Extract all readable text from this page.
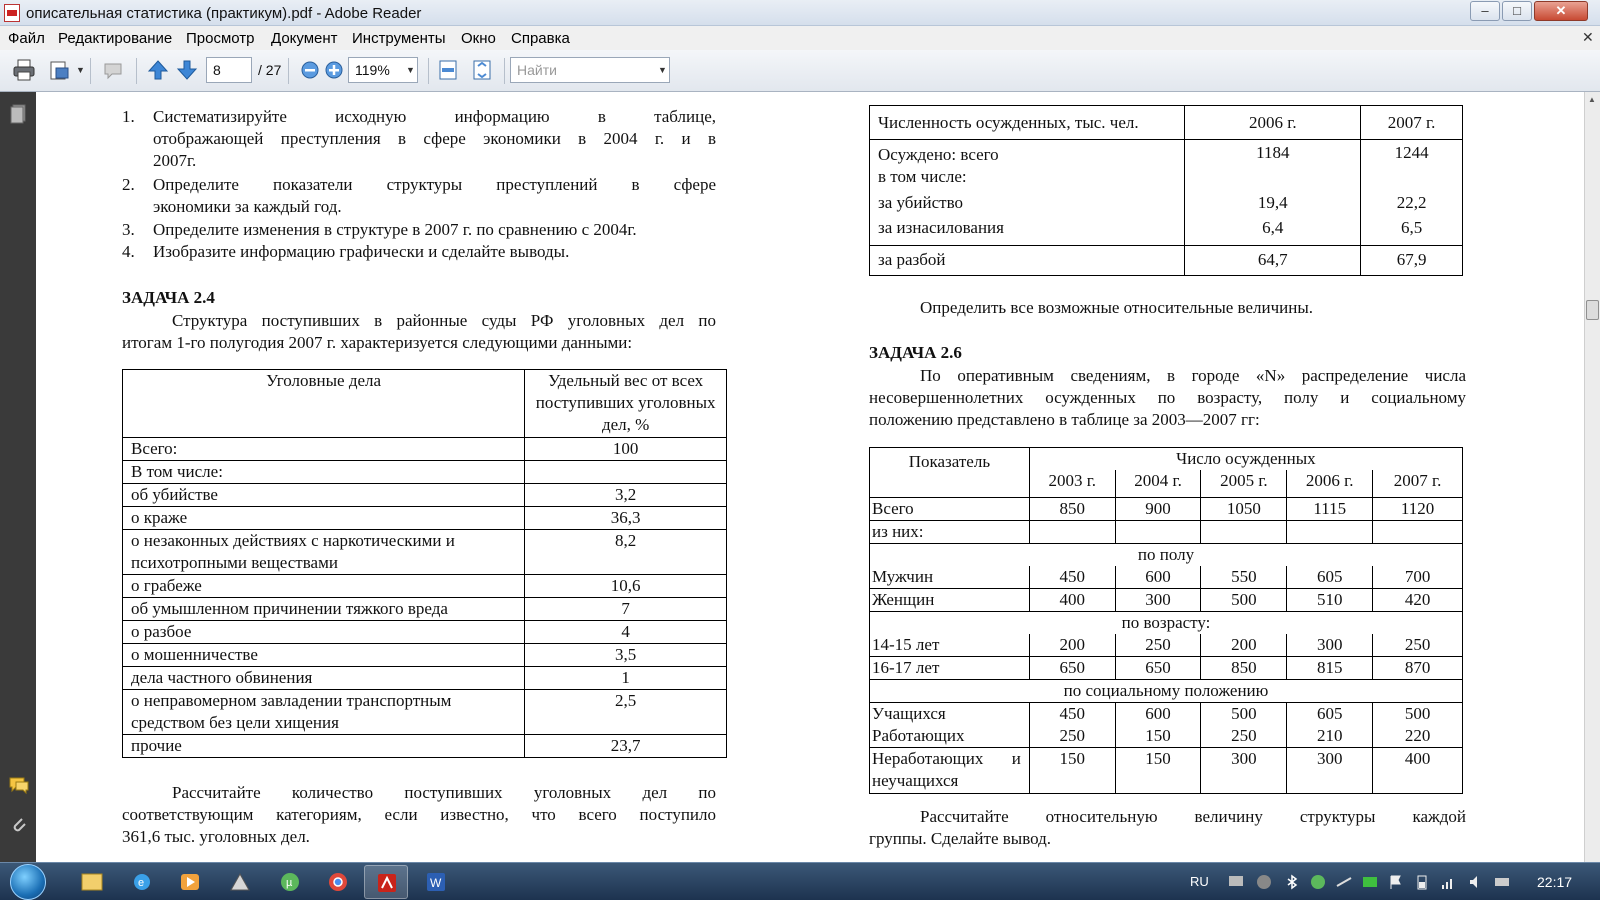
описательная статистика (практикум).pdf - Adobe Reader	–	□	✕
Файл Редактирование Просмотр Документ Инструменты Окно Справка	✕
▼	8	/ 27	119%	▼	Найти	▼
1. Систематизируйте исходную информацию в таблице,
отображающей преступления в сфере экономики в 2004 г. и в
2007г.
2. Определите показатели структуры преступлений в сфере
экономики за каждый год.
3. Определите изменения в структуре в 2007 г. по сравнению с 2004г.
4. Изобразите информацию графически и сделайте выводы.
ЗАДАЧА 2.4
Структура поступивших в районные суды РФ уголовных дел по
итогам 1-го полугодия 2007 г. характеризуется следующими данными:
Уголовные дела	Удельный вес от всех поступивших уголовных дел, %
Всего:	100
В том числе:	
об убийстве	3,2
о краже	36,3
о незаконных действиях с наркотическими и психотропными веществами	8,2
о грабеже	10,6
об умышленном причинении тяжкого вреда	7
о разбое	4
о мошенничестве	3,5
дела частного обвинения	1
о неправомерном завладении транспортным средством без цели хищения	2,5
прочие	23,7
Рассчитайте количество поступивших уголовных дел по
соответствующим категориям, если известно, что всего поступило
361,6 тыс. уголовных дел.
Численность осужденных, тыс. чел.	2006 г.	2007 г.
Осуждено: всего	1184	1244
в том числе:		
за убийство	19,4	22,2
за изнасилования	6,4	6,5
за разбой	64,7	67,9
Определить все возможные относительные величины.
ЗАДАЧА 2.6
По оперативным сведениям, в городе «N» распределение числа
несовершеннолетних осужденных по возрасту, полу и социальному
положению представлено в таблице за 2003—2007 гг:
Показатель	Число осужденных				
	2003 г.	2004 г.	2005 г.	2006 г.	2007 г.
Всего	850	900	1050	1115	1120
из них:					
по полу					
Мужчин	450	600	550	605	700
Женщин	400	300	500	510	420
по возрасту:					
14-15 лет	200	250	200	300	250
16-17 лет	650	650	850	815	870
по социальному положению					
Учащихся	450	600	500	605	500
Работающих	250	150	250	210	220
Неработающих и неучащихся	150	150	300	300	400
Рассчитайте относительную величину структуры каждой
группы. Сделайте вывод.
▲
e	µ	W	RU	22:17
